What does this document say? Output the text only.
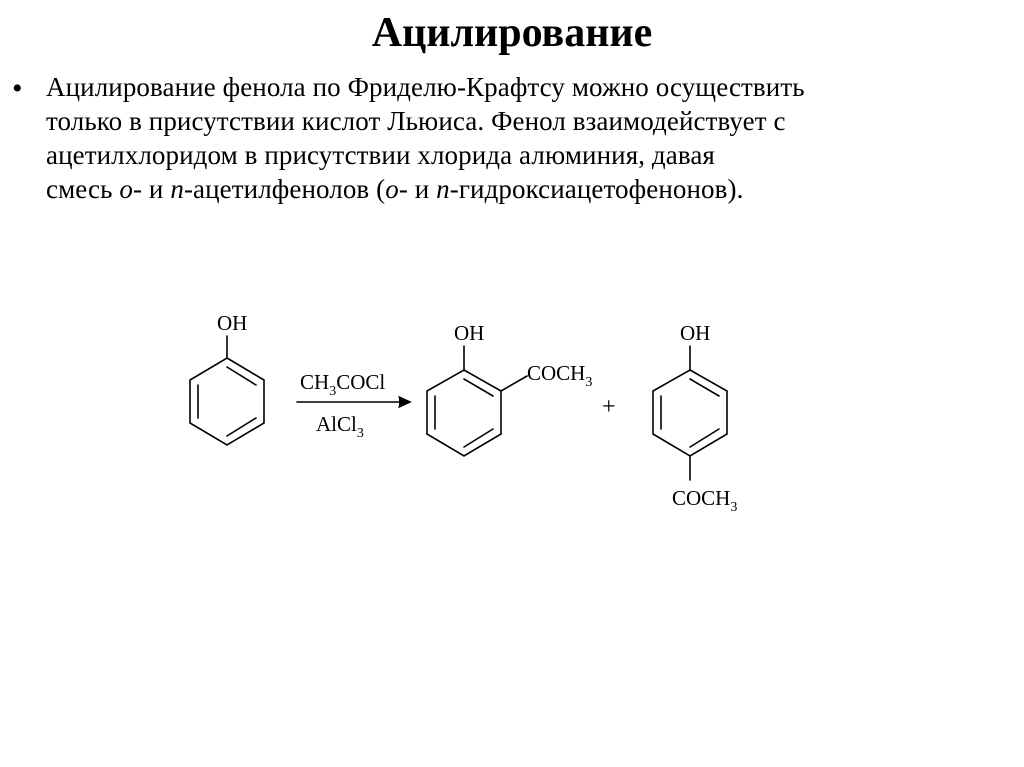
Ацилирование
• Ацилирование фенола по Фриделю-Крафтсу можно осуществить
только в присутствии кислот Льюиса. Фенол взаимодействует с
ацетилхлоридом в присутствии хлорида алюминия, давая
смесь о- и п-ацетилфенолов (о- и п-гидроксиацетофенонов).
OH
$CH_3COCl$
AlCl$_3$
OH
$COCH_3$
+
OH
$COCH_3$
